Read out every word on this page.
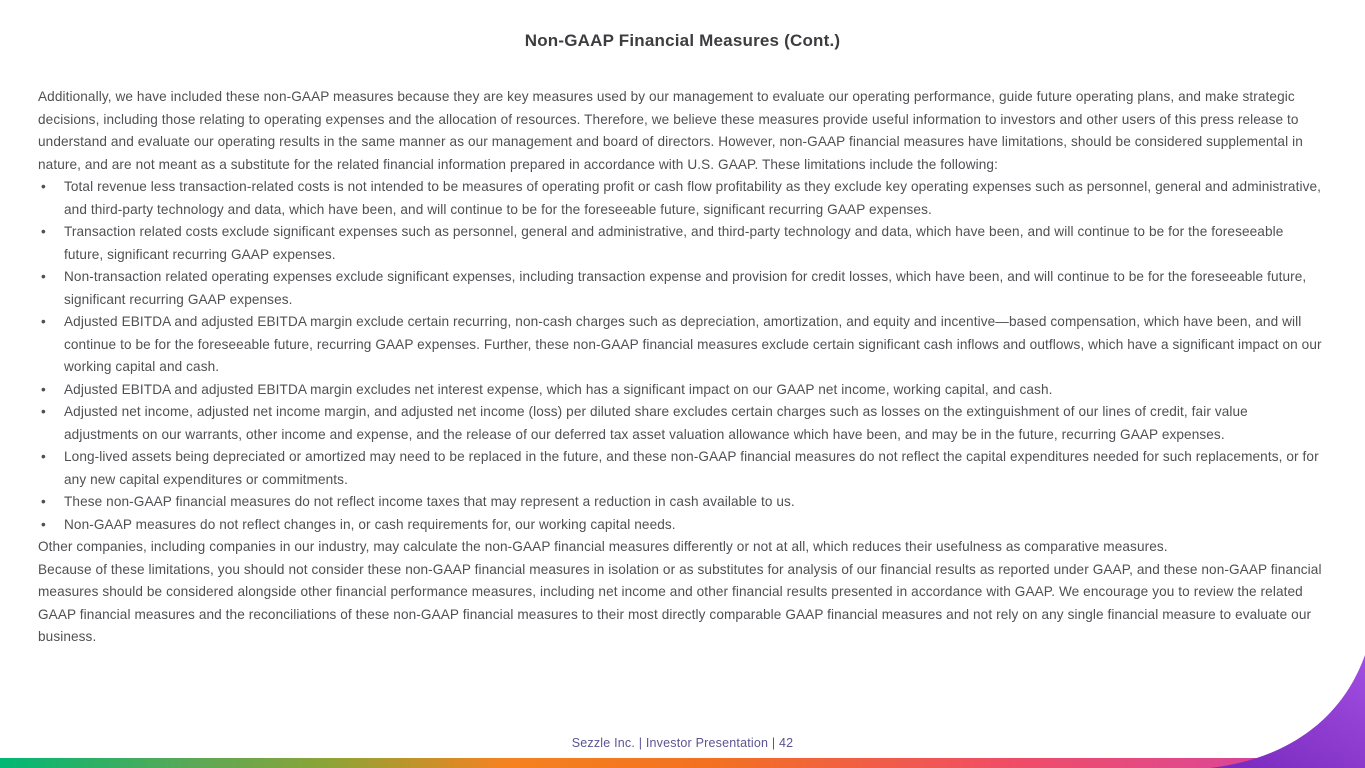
Non-GAAP Financial Measures (Cont.)

Additionally, we have included these non-GAAP measures because they are key measures used by our management to evaluate our operating performance, guide future operating plans, and make strategic decisions, including those relating to operating expenses and the allocation of resources. Therefore, we believe these measures provide useful information to investors and other users of this press release to understand and evaluate our operating results in the same manner as our management and board of directors. However, non-GAAP financial measures have limitations, should be considered supplemental in nature, and are not meant as a substitute for the related financial information prepared in accordance with U.S. GAAP. These limitations include the following:

• Total revenue less transaction-related costs is not intended to be measures of operating profit or cash flow profitability as they exclude key operating expenses such as personnel, general and administrative, and third-party technology and data, which have been, and will continue to be for the foreseeable future, significant recurring GAAP expenses.
• Transaction related costs exclude significant expenses such as personnel, general and administrative, and third-party technology and data, which have been, and will continue to be for the foreseeable future, significant recurring GAAP expenses.
• Non-transaction related operating expenses exclude significant expenses, including transaction expense and provision for credit losses, which have been, and will continue to be for the foreseeable future, significant recurring GAAP expenses.
• Adjusted EBITDA and adjusted EBITDA margin exclude certain recurring, non-cash charges such as depreciation, amortization, and equity and incentive—based compensation, which have been, and will continue to be for the foreseeable future, recurring GAAP expenses. Further, these non-GAAP financial measures exclude certain significant cash inflows and outflows, which have a significant impact on our working capital and cash.
• Adjusted EBITDA and adjusted EBITDA margin excludes net interest expense, which has a significant impact on our GAAP net income, working capital, and cash.
• Adjusted net income, adjusted net income margin, and adjusted net income (loss) per diluted share excludes certain charges such as losses on the extinguishment of our lines of credit, fair value adjustments on our warrants, other income and expense, and the release of our deferred tax asset valuation allowance which have been, and may be in the future, recurring GAAP expenses.
• Long-lived assets being depreciated or amortized may need to be replaced in the future, and these non-GAAP financial measures do not reflect the capital expenditures needed for such replacements, or for any new capital expenditures or commitments.
• These non-GAAP financial measures do not reflect income taxes that may represent a reduction in cash available to us.
• Non-GAAP measures do not reflect changes in, or cash requirements for, our working capital needs.

Other companies, including companies in our industry, may calculate the non-GAAP financial measures differently or not at all, which reduces their usefulness as comparative measures.

Because of these limitations, you should not consider these non-GAAP financial measures in isolation or as substitutes for analysis of our financial results as reported under GAAP, and these non-GAAP financial measures should be considered alongside other financial performance measures, including net income and other financial results presented in accordance with GAAP. We encourage you to review the related GAAP financial measures and the reconciliations of these non-GAAP financial measures to their most directly comparable GAAP financial measures and not rely on any single financial measure to evaluate our business.

Sezzle Inc. | Investor Presentation | 42
